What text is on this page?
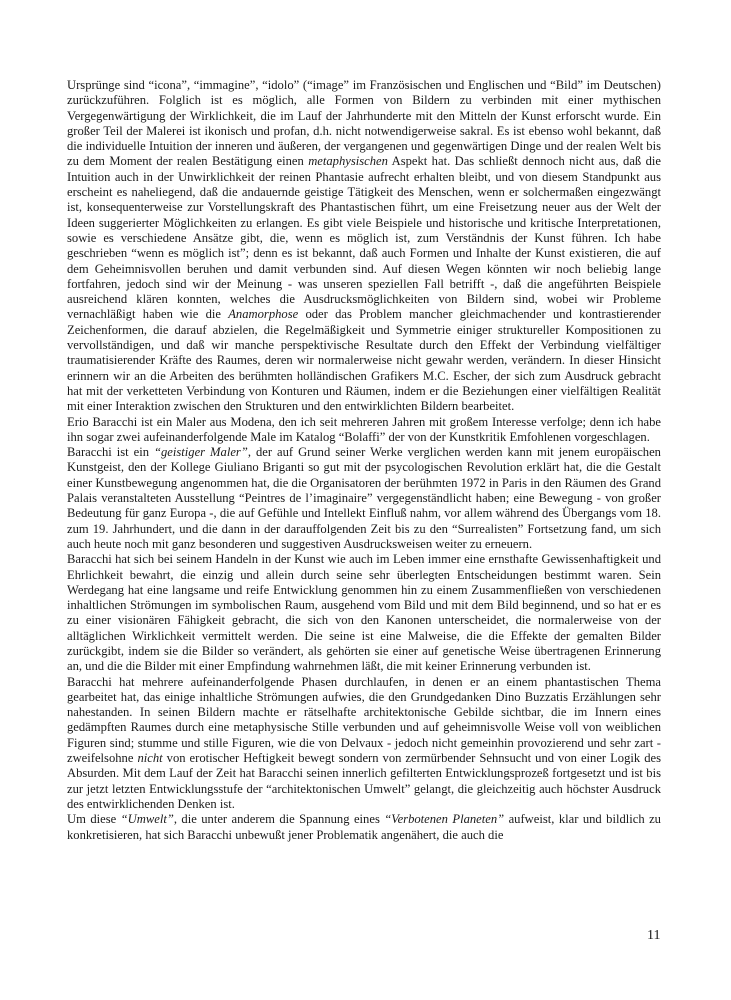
Ursprünge sind “icona”, “immagine”, “idolo” (“image” im Französischen und Englischen und “Bild” im Deutschen) zurückzuführen. Folglich ist es möglich, alle Formen von Bildern zu verbinden mit einer mythischen Vergegenwärtigung der Wirklichkeit, die im Lauf der Jahrhunderte mit den Mitteln der Kunst erforscht wurde. Ein großer Teil der Malerei ist ikonisch und profan, d.h. nicht notwendigerweise sakral. Es ist ebenso wohl bekannt, daß die individuelle Intuition der inneren und äußeren, der vergangenen und gegenwärtigen Dinge und der realen Welt bis zu dem Moment der realen Bestätigung einen metaphysischen Aspekt hat. Das schließt dennoch nicht aus, daß die Intuition auch in der Unwirklichkeit der reinen Phantasie aufrecht erhalten bleibt, und von diesem Standpunkt aus erscheint es naheliegend, daß die andauernde geistige Tätigkeit des Menschen, wenn er solchermaßen eingezwängt ist, konsequenterweise zur Vorstellungskraft des Phantastischen führt, um eine Freisetzung neuer aus der Welt der Ideen suggerierter Möglichkeiten zu erlangen. Es gibt viele Beispiele und historische und kritische Interpretationen, sowie es verschiedene Ansätze gibt, die, wenn es möglich ist, zum Verständnis der Kunst führen. Ich habe geschrieben “wenn es möglich ist”; denn es ist bekannt, daß auch Formen und Inhalte der Kunst existieren, die auf dem Geheimnisvollen beruhen und damit verbunden sind. Auf diesen Wegen könnten wir noch beliebig lange fortfahren, jedoch sind wir der Meinung - was unseren speziellen Fall betrifft -, daß die angeführten Beispiele ausreichend klären konnten, welches die Ausdrucksmöglichkeiten von Bildern sind, wobei wir Probleme vernachläßigt haben wie die Anamorphose oder das Problem mancher gleichmachender und kontrastierender Zeichenformen, die darauf abzielen, die Regelmäßigkeit und Symmetrie einiger struktureller Kompositionen zu vervollständigen, und daß wir manche perspektivische Resultate durch den Effekt der Verbindung vielfältiger traumatisierender Kräfte des Raumes, deren wir normalerweise nicht gewahr werden, verändern. In dieser Hinsicht erinnern wir an die Arbeiten des berühmten holländischen Grafikers M.C. Escher, der sich zum Ausdruck gebracht hat mit der verketteten Verbindung von Konturen und Räumen, indem er die Beziehungen einer vielfältigen Realität mit einer Interaktion zwischen den Strukturen und den entwirklichten Bildern bearbeitet.

Erio Baracchi ist ein Maler aus Modena, den ich seit mehreren Jahren mit großem Interesse verfolge; denn ich habe ihn sogar zwei aufeinanderfolgende Male im Katalog “Bolaffi” der von der Kunstkritik Emfohlenen vorgeschlagen.

Baracchi ist ein “geistiger Maler”, der auf Grund seiner Werke verglichen werden kann mit jenem europäischen Kunstgeist, den der Kollege Giuliano Briganti so gut mit der psycologischen Revolution erklärt hat, die die Gestalt einer Kunstbewegung angenommen hat, die die Organisatoren der berühmten 1972 in Paris in den Räumen des Grand Palais veranstalteten Ausstellung “Peintres de l’imaginaire” vergegenständlicht haben; eine Bewegung - von großer Bedeutung für ganz Europa -, die auf Gefühle und Intellekt Einfluß nahm, vor allem während des Übergangs vom 18. zum 19. Jahrhundert, und die dann in der darauffolgenden Zeit bis zu den “Surrealisten” Fortsetzung fand, um sich auch heute noch mit ganz besonderen und suggestiven Ausdrucksweisen weiter zu erneuern.

Baracchi hat sich bei seinem Handeln in der Kunst wie auch im Leben immer eine ernsthafte Gewissenhaftigkeit und Ehrlichkeit bewahrt, die einzig und allein durch seine sehr überlegten Entscheidungen bestimmt waren. Sein Werdegang hat eine langsame und reife Entwicklung genommen hin zu einem Zusammenfließen von verschiedenen inhaltlichen Strömungen im symbolischen Raum, ausgehend vom Bild und mit dem Bild beginnend, und so hat er es zu einer visionären Fähigkeit gebracht, die sich von den Kanonen unterscheidet, die normalerweise von der alltäglichen Wirklichkeit vermittelt werden. Die seine ist eine Malweise, die die Effekte der gemalten Bilder zurückgibt, indem sie die Bilder so verändert, als gehörten sie einer auf genetische Weise übertragenen Erinnerung an, und die die Bilder mit einer Empfindung wahrnehmen läßt, die mit keiner Erinnerung verbunden ist.

Baracchi hat mehrere aufeinanderfolgende Phasen durchlaufen, in denen er an einem phantastischen Thema gearbeitet hat, das einige inhaltliche Strömungen aufwies, die den Grundgedanken Dino Buzzatis Erzählungen sehr nahestanden. In seinen Bildern machte er rätselhafte architektonische Gebilde sichtbar, die im Innern eines gedämpften Raumes durch eine metaphysische Stille verbunden und auf geheimnisvolle Weise voll von weiblichen Figuren sind; stumme und stille Figuren, wie die von Delvaux - jedoch nicht gemeinhin provozierend und sehr zart - zweifelsohne nicht von erotischer Heftigkeit bewegt sondern von zermürbender Sehnsucht und von einer Logik des Absurden. Mit dem Lauf der Zeit hat Baracchi seinen innerlich gefilterten Entwicklungsprozeß fortgesetzt und ist bis zur jetzt letzten Entwicklungsstufe der “architektonischen Umwelt” gelangt, die gleichzeitig auch höchster Ausdruck des entwirklichenden Denken ist.

Um diese “Umwelt”, die unter anderem die Spannung eines “Verbotenen Planeten” aufweist, klar und bildlich zu konkretisieren, hat sich Baracchi unbewußt jener Problematik angenähert, die auch die

11
